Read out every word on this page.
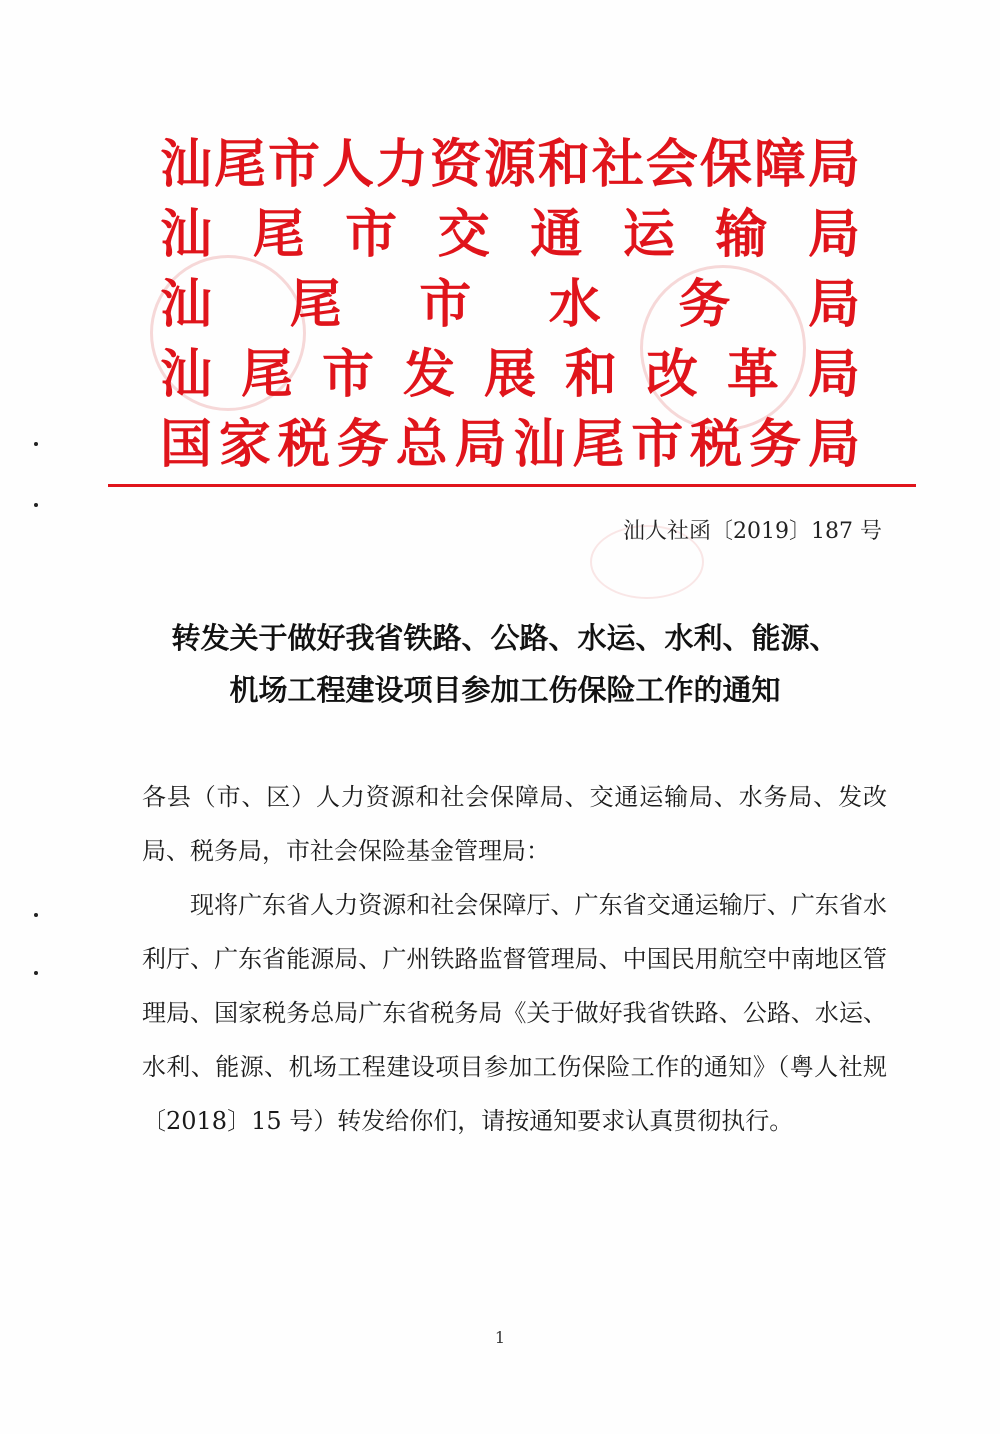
汕 尾 市 人 力 资 源 和 社 会 保 障 局
汕 尾 市 交 通 运 输 局
汕 尾 市 水 务 局
汕 尾 市 发 展 和 改 革 局
国 家 税 务 总 局 汕 尾 市 税 务 局
汕人社函〔2019〕187 号
转发关于做好我省铁路、公路、水运、水利、能源、
机场工程建设项目参加工伤保险工作的通知

各县（市、区）人力资源和社会保障局、交通运输局、水务局、发改局、税务局，市社会保险基金管理局：

现将广东省人力资源和社会保障厅、广东省交通运输厅、广东省水利厅、广东省能源局、广州铁路监督管理局、中国民用航空中南地区管理局、国家税务总局广东省税务局《关于做好我省铁路、公路、水运、水利、能源、机场工程建设项目参加工伤保险工作的通知》（粤人社规〔2018〕15 号）转发给你们，请按通知要求认真贯彻执行。

1
